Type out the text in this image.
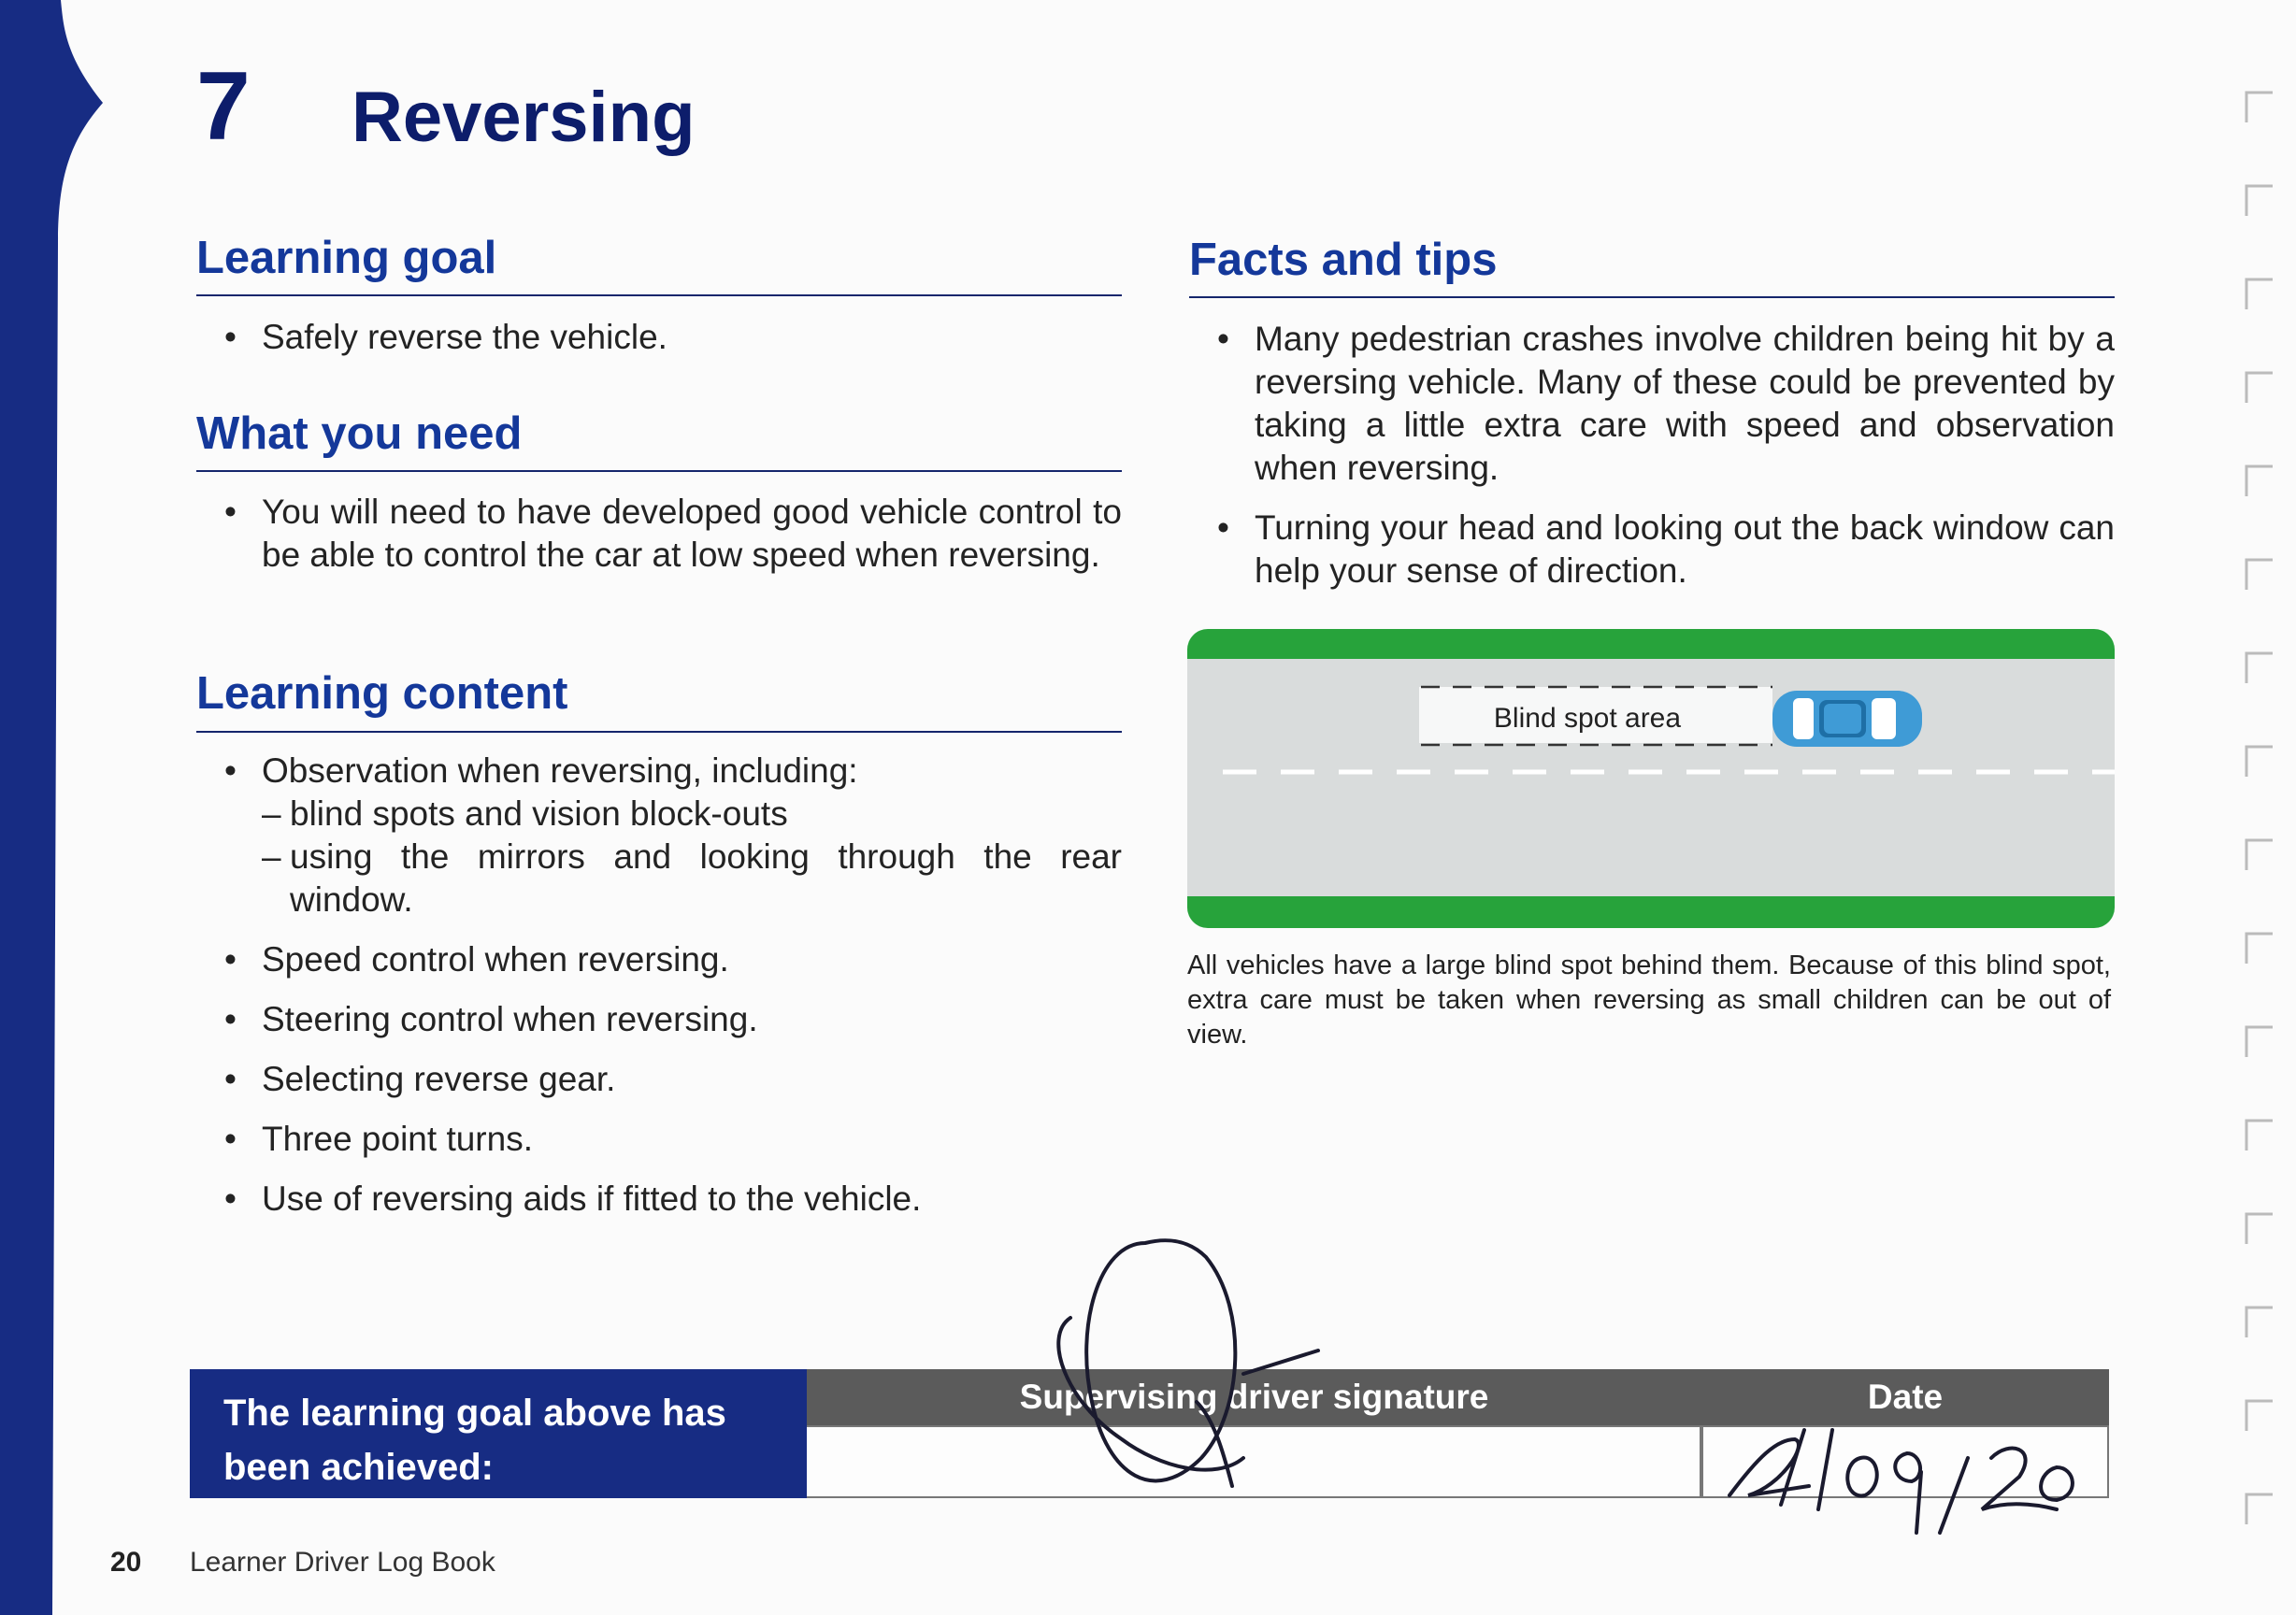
7 Reversing
Learning goal
• Safely reverse the vehicle.
What you need
• You will need to have developed good vehicle control to be able to control the car at low speed when reversing.
Learning content
• Observation when reversing, including:
– blind spots and vision block-outs
– using the mirrors and looking through the rear window.
• Speed control when reversing.
• Steering control when reversing.
• Selecting reverse gear.
• Three point turns.
• Use of reversing aids if fitted to the vehicle.
Facts and tips
• Many pedestrian crashes involve children being hit by a reversing vehicle. Many of these could be prevented by taking a little extra care with speed and observation when reversing.
• Turning your head and looking out the back window can help your sense of direction.
Blind spot area

All vehicles have a large blind spot behind them. Because of this blind spot, extra care must be taken when reversing as small children can be out of view.

The learning goal above has
been achieved:
Supervising driver signature	Date
20 Learner Driver Log Book
